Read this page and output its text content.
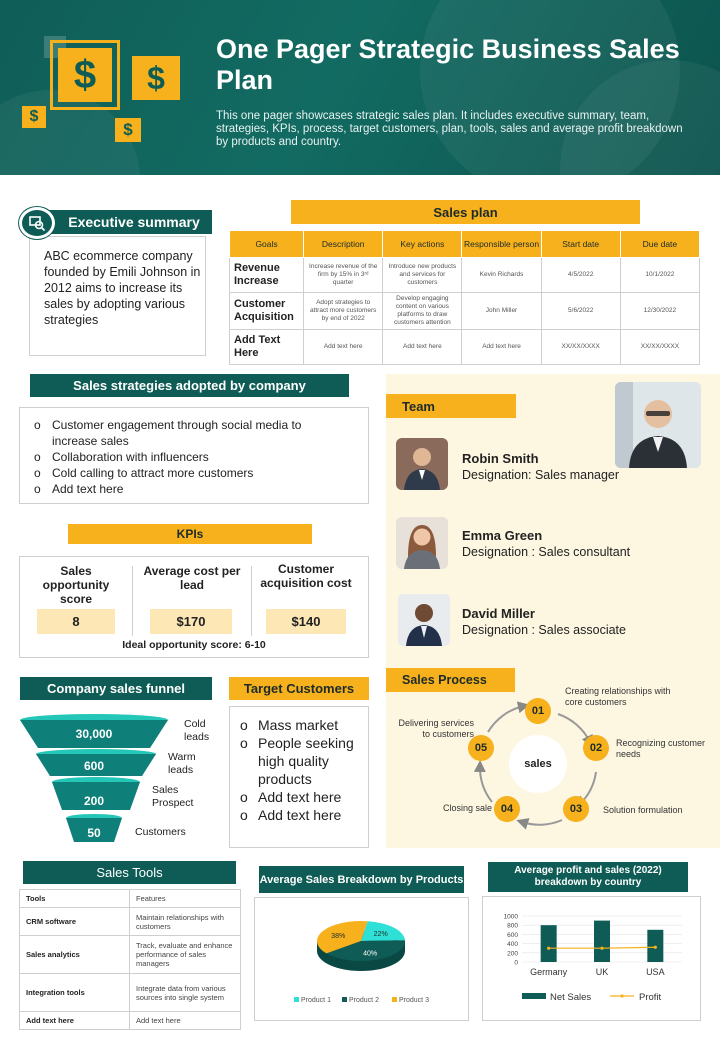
$	$
$
$
One Pager Strategic Business Sales Plan
This one pager showcases strategic sales plan. It includes executive summary, team, strategies, KPIs, process, target customers, plan, tools, sales and average profit breakdown by products and country.
Executive summary
ABC ecommerce company founded by Emili Johnson in 2012 aims to increase its sales by adopting various strategies
Sales plan
Goals	Description	Key actions	Responsible person	Start date	Due date
Revenue Increase	Increase revenue of the firm by 15% in 3ʳᵈ quarter	Introduce new products and services for customers	Kevin Richards	4/5/2022	10/1/2022
Customer Acquisition	Adopt strategies to attract more customers by end of 2022	Develop engaging content on various platforms to draw customers attention	John Miller	5/6/2022	12/30/2022
Add Text Here	Add text here	Add text here	Add text here	XX/XX/XXXX	XX/XX/XXXX
Sales strategies adopted by company
o Customer engagement through social media to increase sales
o Collaboration with influencers
o Cold calling to attract more customers
o Add text here
KPIs
Sales opportunity score
Average cost per lead
Customer acquisition cost
8	$170	$140
Ideal opportunity score: 6-10
Team
Robin Smith
Designation: Sales manager
Emma Green
Designation : Sales consultant
David Miller
Designation : Sales associate
Sales Process
sales
01
02
03
04
05
Creating relationships with core customers
Recognizing customer needs
Solution formulation
Closing sale
Delivering services to customers
Company sales funnel
30,000
600
200
50
Cold leads
Warm leads
Sales Prospect
Customers
Target Customers
o Mass market
o People seeking high quality products
o Add text here
o Add text here
Sales Tools
Tools	Features
CRM software	Maintain relationships with customers
Sales analytics	Track, evaluate and enhance performance of sales managers
Integration tools	Integrate data from various sources into single system
Add text here	Add text here
Average Sales Breakdown by Products
22%
40%
38%
Product 1	Product 2	Product 3
Average profit and sales (2022) breakdown by country
1000
800
600
400
200
0
Germany	UK	USA
Net Sales	Profit
